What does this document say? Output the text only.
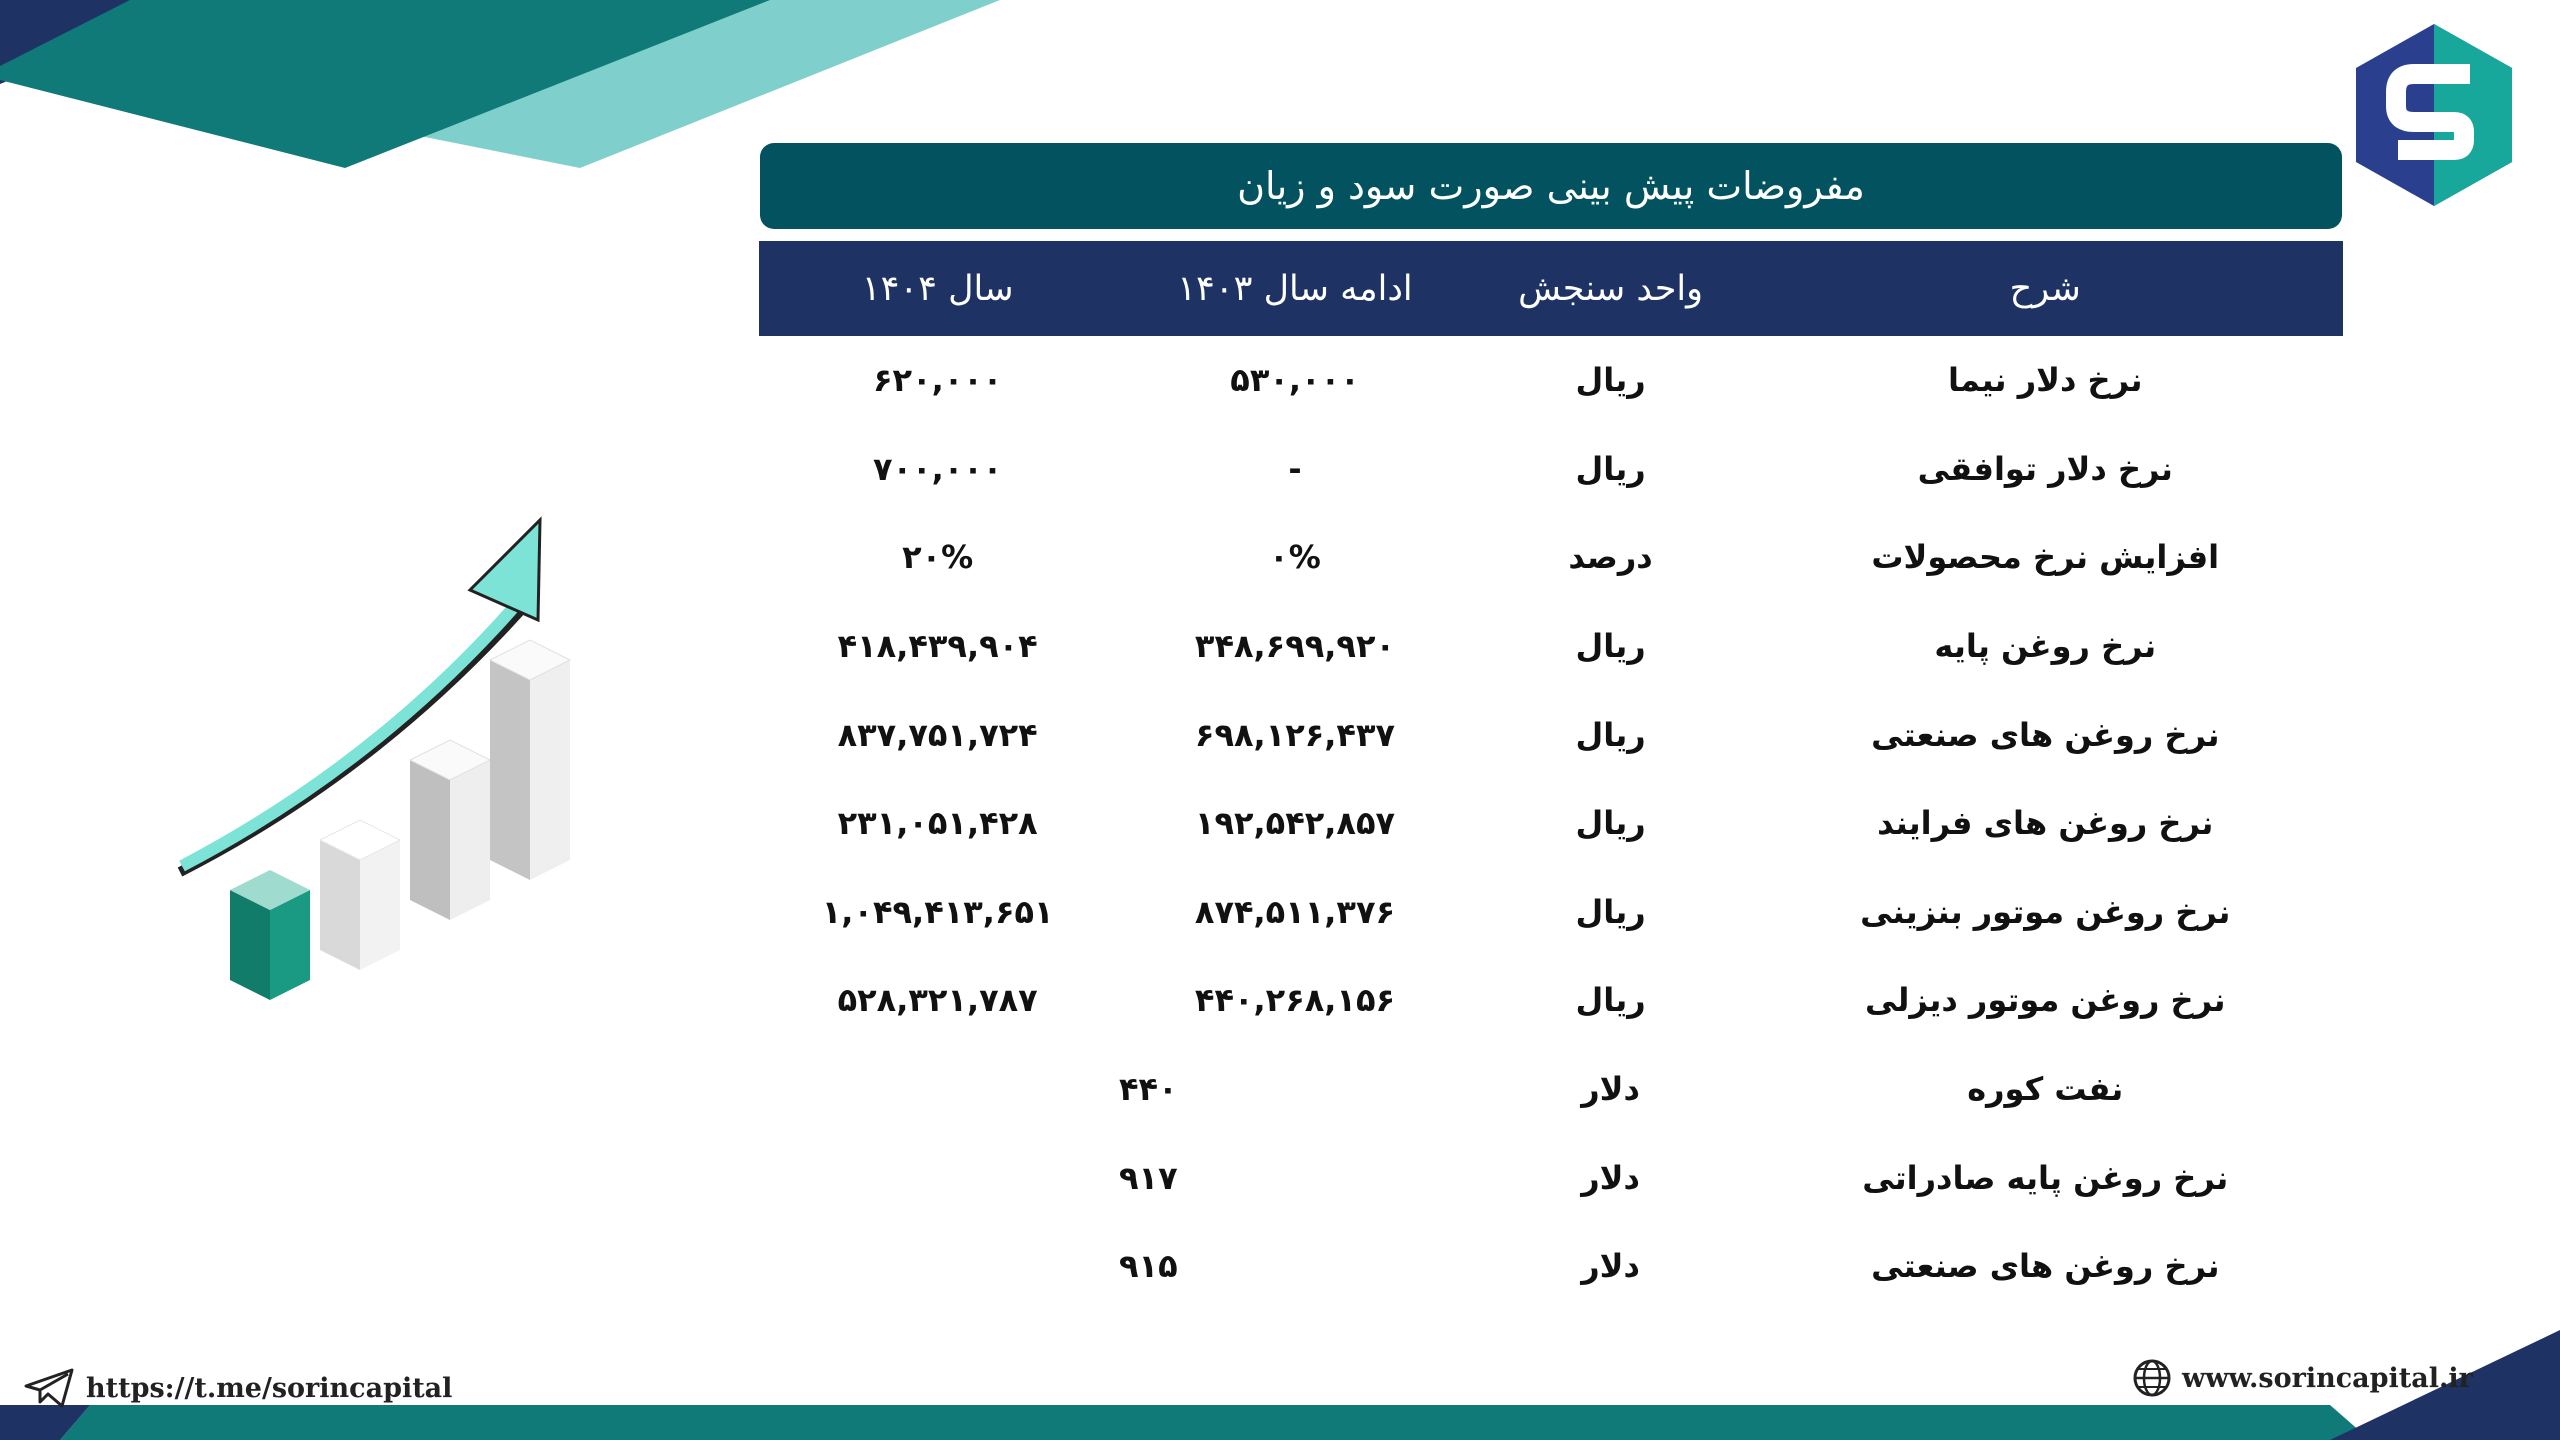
مفروضات پیش بینی صورت سود و زیان
شرح	واحد سنجش	ادامه سال ۱۴۰۳	سال ۱۴۰۴
نرخ دلار نیما	ریال	۵۳۰,۰۰۰	۶۲۰,۰۰۰
نرخ دلار توافقی	ریال	-	۷۰۰,۰۰۰
افزایش نرخ محصولات	درصد	۰%	۲۰%
نرخ روغن پایه	ریال	۳۴۸,۶۹۹,۹۲۰	۴۱۸,۴۳۹,۹۰۴
نرخ روغن های صنعتی	ریال	۶۹۸,۱۲۶,۴۳۷	۸۳۷,۷۵۱,۷۲۴
نرخ روغن های فرایند	ریال	۱۹۲,۵۴۲,۸۵۷	۲۳۱,۰۵۱,۴۲۸
نرخ روغن موتور بنزینی	ریال	۸۷۴,۵۱۱,۳۷۶	۱,۰۴۹,۴۱۳,۶۵۱
نرخ روغن موتور دیزلی	ریال	۴۴۰,۲۶۸,۱۵۶	۵۲۸,۳۲۱,۷۸۷
نفت کوره	دلار	۴۴۰	
نرخ روغن پایه صادراتی	دلار	۹۱۷	
نرخ روغن های صنعتی	دلار	۹۱۵	
https://t.me/sorincapital	www.sorincapital.ir
